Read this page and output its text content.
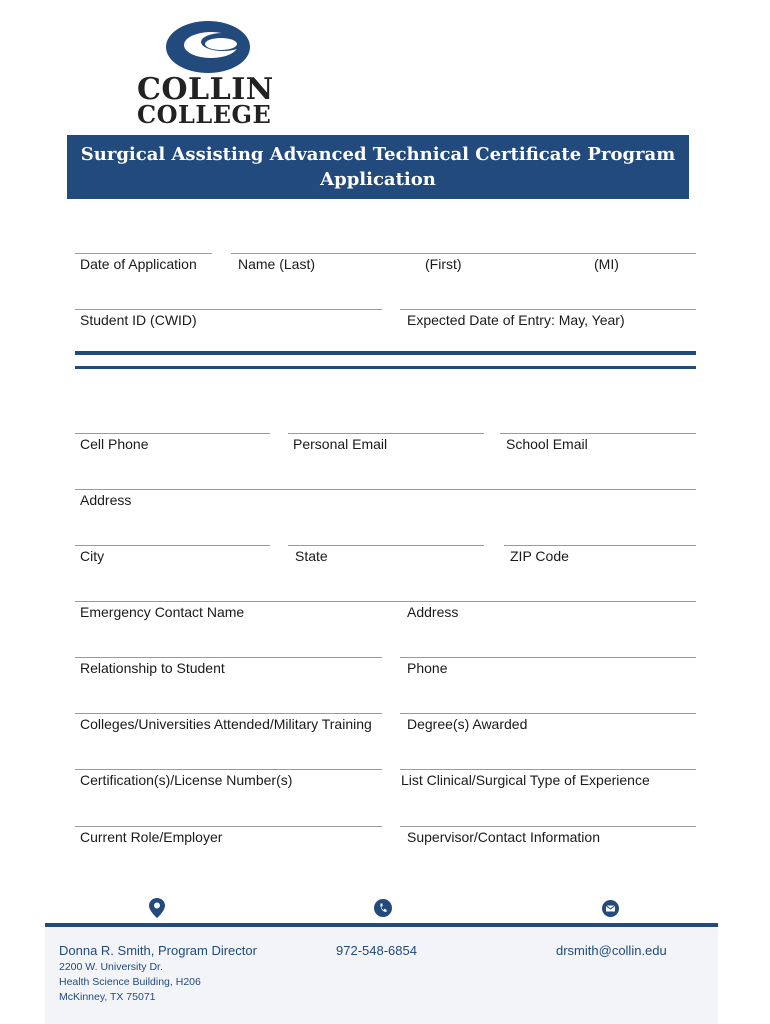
COLLIN
COLLEGE
Surgical Assisting Advanced Technical Certificate Program
Application
Date of Application	Name (Last)	(First)	(MI)
Student ID (CWID)	Expected Date of Entry: May, Year)
Cell Phone	Personal Email	School Email
Address
City	State	ZIP Code
Emergency Contact Name	Address
Relationship to Student	Phone
Colleges/Universities Attended/Military Training	Degree(s) Awarded
Certification(s)/License Number(s)	List Clinical/Surgical Type of Experience
Current Role/Employer	Supervisor/Contact Information
Donna R. Smith, Program Director
2200 W. University Dr.
Health Science Building, H206
McKinney, TX 75071
972-548-6854	drsmith@collin.edu
